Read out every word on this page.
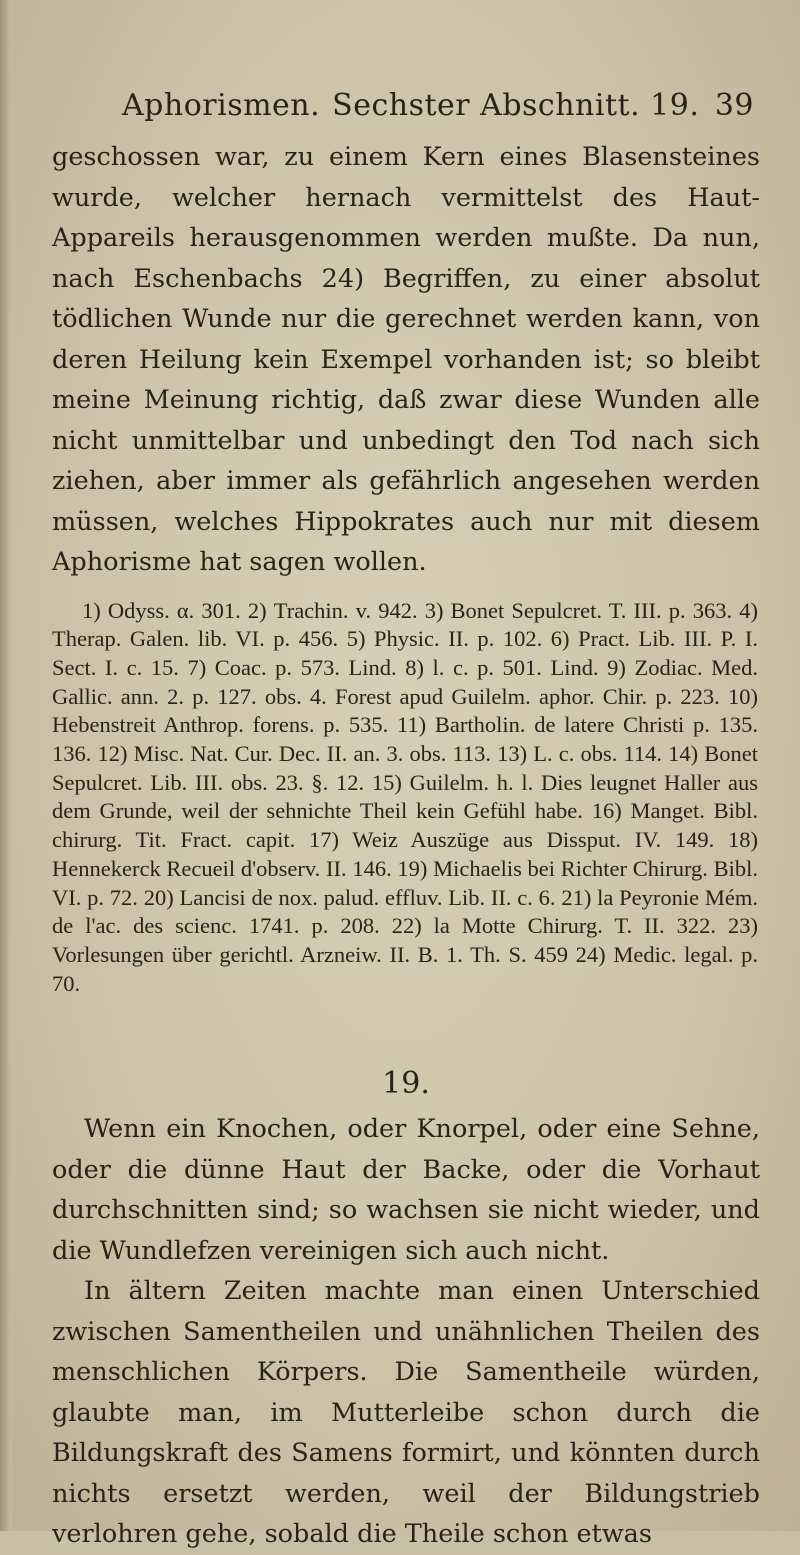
Aphorismen. Sechster Abschnitt. 19. 39

geschossen war, zu einem Kern eines Blasensteines wurde, welcher hernach vermittelst des Haut-Appareils herausgenommen werden mußte. Da nun, nach Eschenbachs 24) Begriffen, zu einer absolut tödlichen Wunde nur die gerechnet werden kann, von deren Heilung kein Exempel vorhanden ist; so bleibt meine Meinung richtig, daß zwar diese Wunden alle nicht unmittelbar und unbedingt den Tod nach sich ziehen, aber immer als gefährlich angesehen werden müssen, welches Hippokrates auch nur mit diesem Aphorisme hat sagen wollen.

1) Odyss. α. 301. 2) Trachin. v. 942. 3) Bonet Sepulcret. T. III. p. 363. 4) Therap. Galen. lib. VI. p. 456. 5) Physic. II. p. 102. 6) Pract. Lib. III. P. I. Sect. I. c. 15. 7) Coac. p. 573. Lind. 8) l. c. p. 501. Lind. 9) Zodiac. Med. Gallic. ann. 2. p. 127. obs. 4. Forest apud Guilelm. aphor. Chir. p. 223. 10) Hebenstreit Anthrop. forens. p. 535. 11) Bartholin. de latere Christi p. 135. 136. 12) Misc. Nat. Cur. Dec. II. an. 3. obs. 113. 13) L. c. obs. 114. 14) Bonet Sepulcret. Lib. III. obs. 23. §. 12. 15) Guilelm. h. l. Dies leugnet Haller aus dem Grunde, weil der sehnichte Theil kein Gefühl habe. 16) Manget. Bibl. chirurg. Tit. Fract. capit. 17) Weiz Auszüge aus Dissput. IV. 149. 18) Hennekerck Recueil d'observ. II. 146. 19) Michaelis bei Richter Chirurg. Bibl. VI. p. 72. 20) Lancisi de nox. palud. effluv. Lib. II. c. 6. 21) la Peyronie Mém. de l'ac. des scienc. 1741. p. 208. 22) la Motte Chirurg. T. II. 322. 23) Vorlesungen über gerichtl. Arzneiw. II. B. 1. Th. S. 459 24) Medic. legal. p. 70.

19.

Wenn ein Knochen, oder Knorpel, oder eine Sehne, oder die dünne Haut der Backe, oder die Vorhaut durchschnitten sind; so wachsen sie nicht wieder, und die Wundlefzen vereinigen sich auch nicht.

In ältern Zeiten machte man einen Unterschied zwischen Samentheilen und unähnlichen Theilen des menschlichen Körpers. Die Samentheile würden, glaubte man, im Mutterleibe schon durch die Bildungskraft des Samens formirt, und könnten durch nichts ersetzt werden, weil der Bildungstrieb verlohren gehe, sobald die Theile schon etwas
